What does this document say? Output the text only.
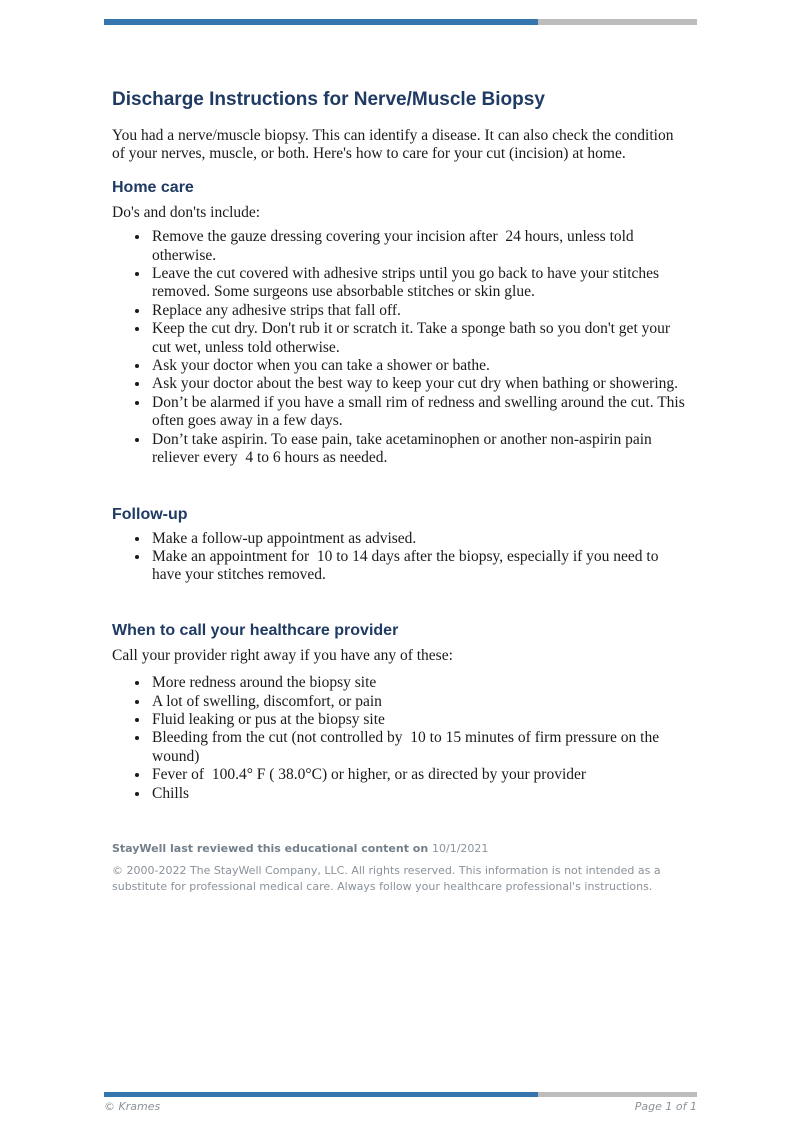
Discharge Instructions for Nerve/Muscle Biopsy

You had a nerve/muscle biopsy. This can identify a disease. It can also check the condition of your nerves, muscle, or both. Here's how to care for your cut (incision) at home.

Home care

Do's and don'ts include:

• Remove the gauze dressing covering your incision after  24 hours, unless told otherwise.
• Leave the cut covered with adhesive strips until you go back to have your stitches removed. Some surgeons use absorbable stitches or skin glue.
• Replace any adhesive strips that fall off.
• Keep the cut dry. Don't rub it or scratch it. Take a sponge bath so you don't get your cut wet, unless told otherwise.
• Ask your doctor when you can take a shower or bathe.
• Ask your doctor about the best way to keep your cut dry when bathing or showering.
• Don’t be alarmed if you have a small rim of redness and swelling around the cut. This often goes away in a few days.
• Don’t take aspirin. To ease pain, take acetaminophen or another non-aspirin pain reliever every  4 to 6 hours as needed.
Follow-up
• Make a follow-up appointment as advised.
• Make an appointment for  10 to 14 days after the biopsy, especially if you need to have your stitches removed.
When to call your healthcare provider

Call your provider right away if you have any of these:

• More redness around the biopsy site
• A lot of swelling, discomfort, or pain
• Fluid leaking or pus at the biopsy site
• Bleeding from the cut (not controlled by  10 to 15 minutes of firm pressure on the wound)
• Fever of  100.4° F ( 38.0°C) or higher, or as directed by your provider
• Chills

StayWell last reviewed this educational content on 10/1/2021

© 2000-2022 The StayWell Company, LLC. All rights reserved. This information is not intended as a substitute for professional medical care. Always follow your healthcare professional's instructions.

© Krames	Page 1 of 1
